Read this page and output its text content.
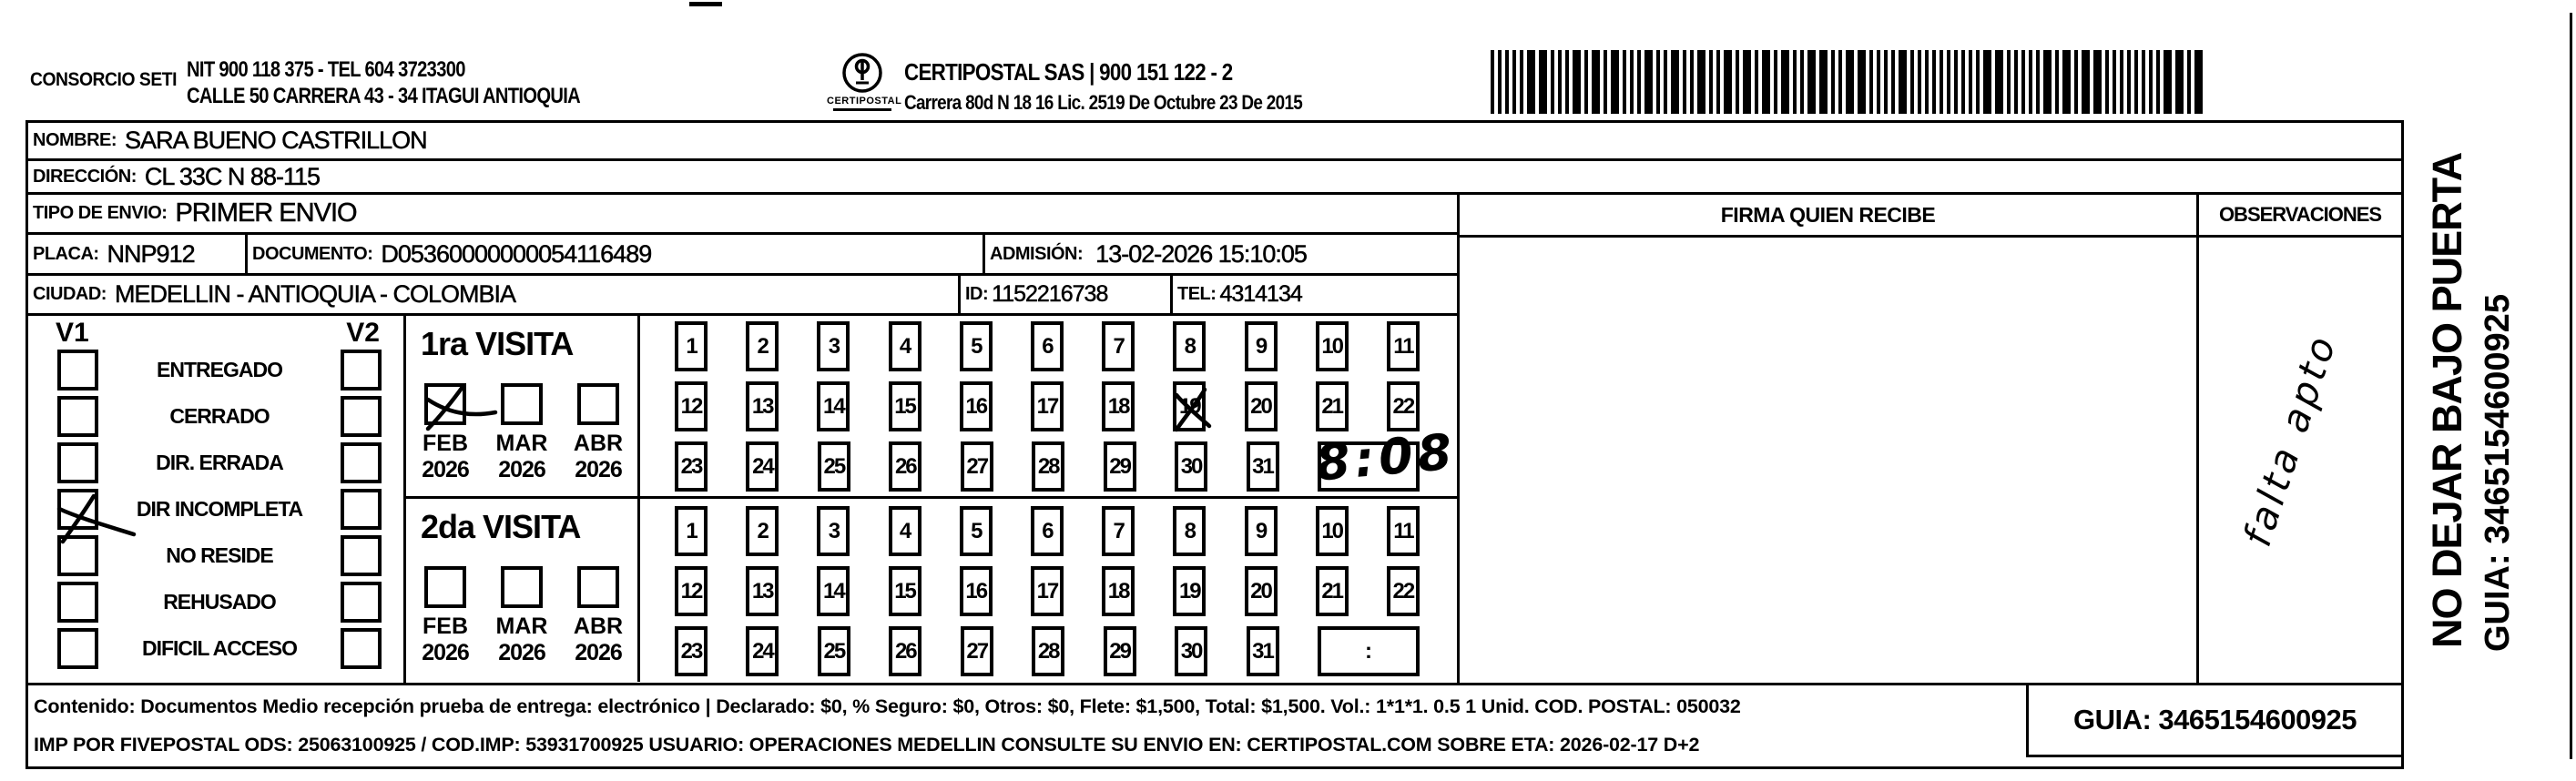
CONSORCIO SETI NIT 900 118 375 - TEL 604 3723300
CALLE 50 CARRERA 43 - 34 ITAGUI ANTIOQUIA	CERTIPOSTAL
CERTIPOSTAL SAS | 900 151 122 - 2
Carrera 80d N 18 16 Lic. 2519 De Octubre 23 De 2015
NOMBRE: SARA BUENO CASTRILLON
DIRECCIÓN: CL 33C N 88-115
TIPO DE ENVIO: PRIMER ENVIO
PLACA: NNP912	DOCUMENTO: D05360000000054116489	ADMISIÓN: 13-02-2026 15:10:05
CIUDAD: MEDELLIN - ANTIOQUIA - COLOMBIA	ID: 1152216738	TEL: 4314134
V1	V2
ENTREGADO
CERRADO
DIR. ERRADA
DIR INCOMPLETA
NO RESIDE
REHUSADO
DIFICIL ACCESO
1ra VISITA
FEB
2026
MAR
2026
ABR
2026
1	2	3	4	5	6	7	8	9	10 11
12 13 14 15 16 17 18 19 20 21 22
23 24 25 26 27 28 29 30 31 8:08
2da VISITA
FEB
2026
MAR
2026
ABR
2026
1	2	3	4	5	6	7	8	9	10 11
12 13 14 15 16 17 18 19 20 21 22
23 24 25 26 27 28 29 30 31	:
FIRMA QUIEN RECIBE	OBSERVACIONES
falta apto
Contenido: Documentos Medio recepción prueba de entrega: electrónico | Declarado: $0, % Seguro: $0, Otros: $0, Flete: $1,500, Total: $1,500. Vol.: 1*1*1. 0.5 1 Unid. COD. POSTAL: 050032
IMP POR FIVEPOSTAL ODS: 25063100925 / COD.IMP: 53931700925 USUARIO: OPERACIONES MEDELLIN CONSULTE SU ENVIO EN: CERTIPOSTAL.COM SOBRE ETA: 2026-02-17 D+2
GUIA: 3465154600925
NO DEJAR BAJO PUERTA GUIA: 3465154600925
